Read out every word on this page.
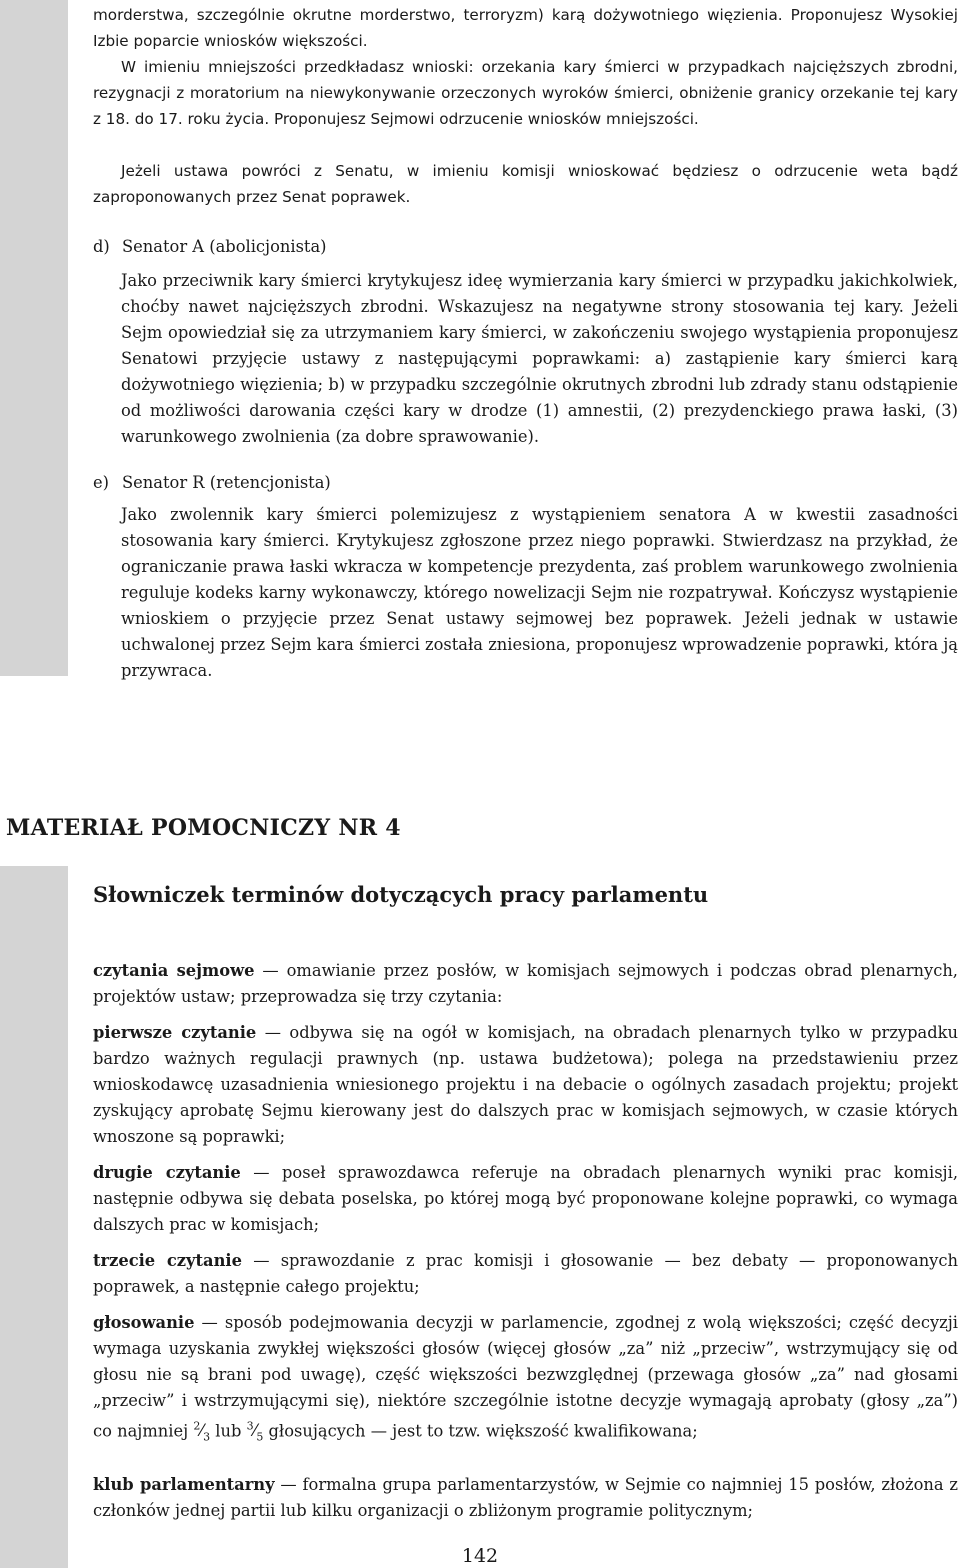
morderstwa, szczególnie okrutne morderstwo, terroryzm) karą dożywotniego więzienia. Proponujesz Wysokiej Izbie poparcie wniosków większości.

W imieniu mniejszości przedkładasz wnioski: orzekania kary śmierci w przypadkach najcięższych zbrodni, rezygnacji z moratorium na niewykonywanie orzeczonych wyroków śmierci, obniżenie granicy orzekanie tej kary z 18. do 17. roku życia. Proponujesz Sejmowi odrzucenie wniosków mniejszości.

Jeżeli ustawa powróci z Senatu, w imieniu komisji wnioskować będziesz o odrzucenie weta bądź zaproponowanych przez Senat poprawek.

d) Senator A (abolicjonista)

Jako przeciwnik kary śmierci krytykujesz ideę wymierzania kary śmierci w przypadku jakichkolwiek, choćby nawet najcięższych zbrodni. Wskazujesz na negatywne strony stosowania tej kary. Jeżeli Sejm opowiedział się za utrzymaniem kary śmierci, w zakończeniu swojego wystąpienia proponujesz Senatowi przyjęcie ustawy z następującymi poprawkami: a) zastąpienie kary śmierci karą dożywotniego więzienia; b) w przypadku szczególnie okrutnych zbrodni lub zdrady stanu odstąpienie od możliwości darowania części kary w drodze (1) amnestii, (2) prezydenckiego prawa łaski, (3) warunkowego zwolnienia (za dobre sprawowanie).

e) Senator R (retencjonista)

Jako zwolennik kary śmierci polemizujesz z wystąpieniem senatora A w kwestii zasadności stosowania kary śmierci. Krytykujesz zgłoszone przez niego poprawki. Stwierdzasz na przykład, że ograniczanie prawa łaski wkracza w kompetencje prezydenta, zaś problem warunkowego zwolnienia reguluje kodeks karny wykonawczy, którego nowelizacji Sejm nie rozpatrywał. Kończysz wystąpienie wnioskiem o przyjęcie przez Senat ustawy sejmowej bez poprawek. Jeżeli jednak w ustawie uchwalonej przez Sejm kara śmierci została zniesiona, proponujesz wprowadzenie poprawki, która ją przywraca.

MATERIAŁ POMOCNICZY NR 4
Słowniczek terminów dotyczących pracy parlamentu

czytania sejmowe — omawianie przez posłów, w komisjach sejmowych i podczas obrad plenarnych, projektów ustaw; przeprowadza się trzy czytania:

pierwsze czytanie — odbywa się na ogół w komisjach, na obradach plenarnych tylko w przypadku bardzo ważnych regulacji prawnych (np. ustawa budżetowa); polega na przedstawieniu przez wnioskodawcę uzasadnienia wniesionego projektu i na debacie o ogólnych zasadach projektu; projekt zyskujący aprobatę Sejmu kierowany jest do dalszych prac w komisjach sejmowych, w czasie których wnoszone są poprawki;

drugie czytanie — poseł sprawozdawca referuje na obradach plenarnych wyniki prac komisji, następnie odbywa się debata poselska, po której mogą być proponowane kolejne poprawki, co wymaga dalszych prac w komisjach;

trzecie czytanie — sprawozdanie z prac komisji i głosowanie — bez debaty — proponowanych poprawek, a następnie całego projektu;

głosowanie — sposób podejmowania decyzji w parlamencie, zgodnej z wolą większości; część decyzji wymaga uzyskania zwykłej większości głosów (więcej głosów „za” niż „przeciw”, wstrzymujący się od głosu nie są brani pod uwagę), część większości bezwzględnej (przewaga głosów „za” nad głosami „przeciw” i wstrzymującymi się), niektóre szczególnie istotne decyzje wymagają aprobaty (głosy „za”) co najmniej $^2⁄_3$ lub $^3⁄_5$ głosujących — jest to tzw. większość kwalifikowana;

klub parlamentarny — formalna grupa parlamentarzystów, w Sejmie co najmniej 15 posłów, złożona z członków jednej partii lub kilku organizacji o zbliżonym programie politycznym;

142
